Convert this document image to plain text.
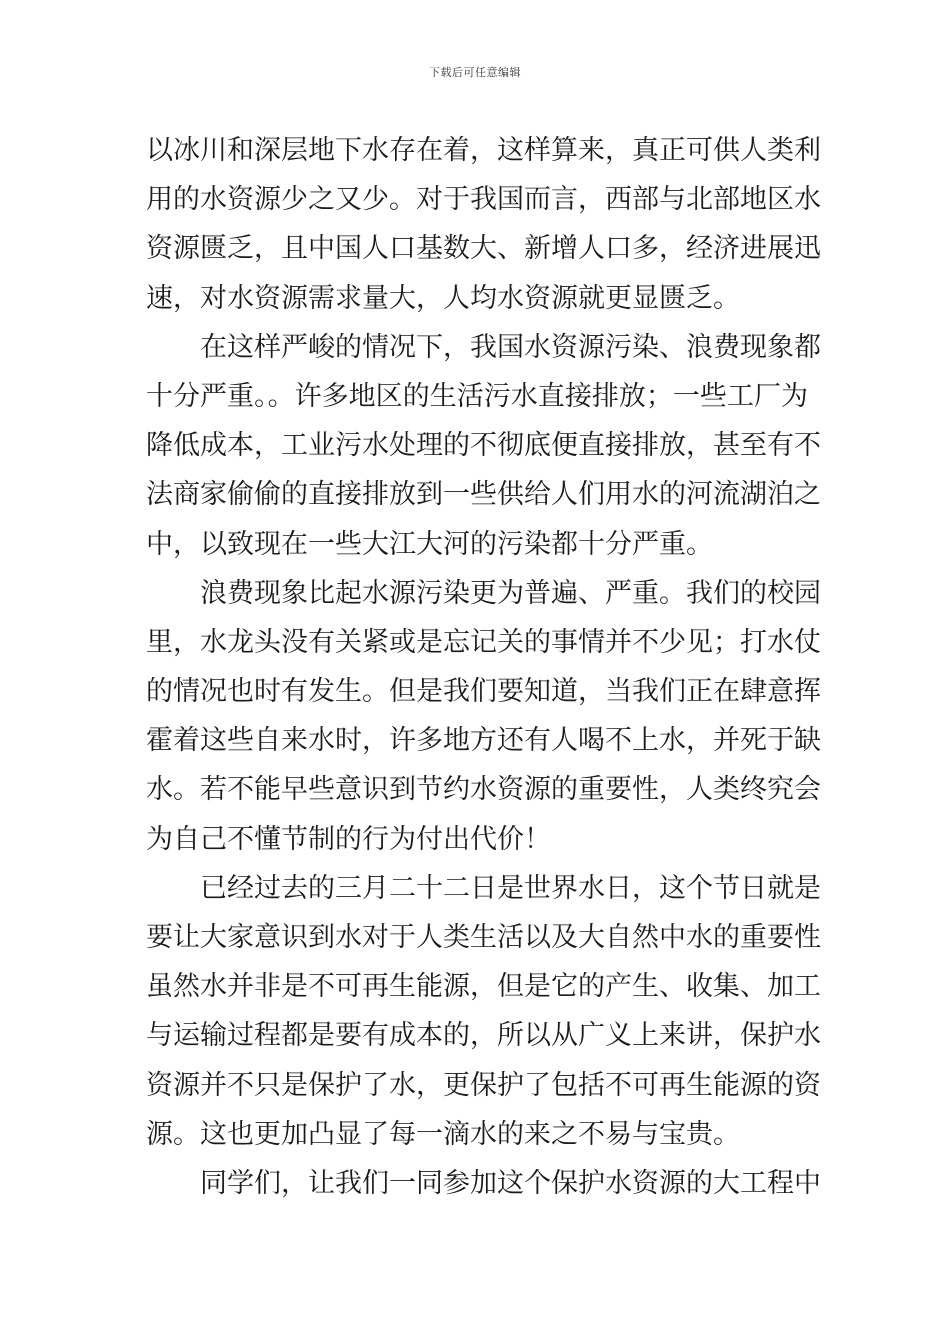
下载后可任意编辑
以冰川和深层地下水存在着，这样算来，真正可供人类利
用的水资源少之又少。对于我国而言，西部与北部地区水
资源匮乏，且中国人口基数大、新增人口多，经济进展迅
速，对水资源需求量大，人均水资源就更显匮乏。
在这样严峻的情况下，我国水资源污染、浪费现象都
十分严重。。许多地区的生活污水直接排放；一些工厂为
降低成本，工业污水处理的不彻底便直接排放，甚至有不
法商家偷偷的直接排放到一些供给人们用水的河流湖泊之
中，以致现在一些大江大河的污染都十分严重。
浪费现象比起水源污染更为普遍、严重。我们的校园
里，水龙头没有关紧或是忘记关的事情并不少见；打水仗
的情况也时有发生。但是我们要知道，当我们正在肆意挥
霍着这些自来水时，许多地方还有人喝不上水，并死于缺
水。若不能早些意识到节约水资源的重要性，人类终究会
为自己不懂节制的行为付出代价！
已经过去的三月二十二日是世界水日，这个节日就是
要让大家意识到水对于人类生活以及大自然中水的重要性
虽然水并非是不可再生能源，但是它的产生、收集、加工
与运输过程都是要有成本的，所以从广义上来讲，保护水
资源并不只是保护了水，更保护了包括不可再生能源的资
源。这也更加凸显了每一滴水的来之不易与宝贵。
同学们，让我们一同参加这个保护水资源的大工程中
